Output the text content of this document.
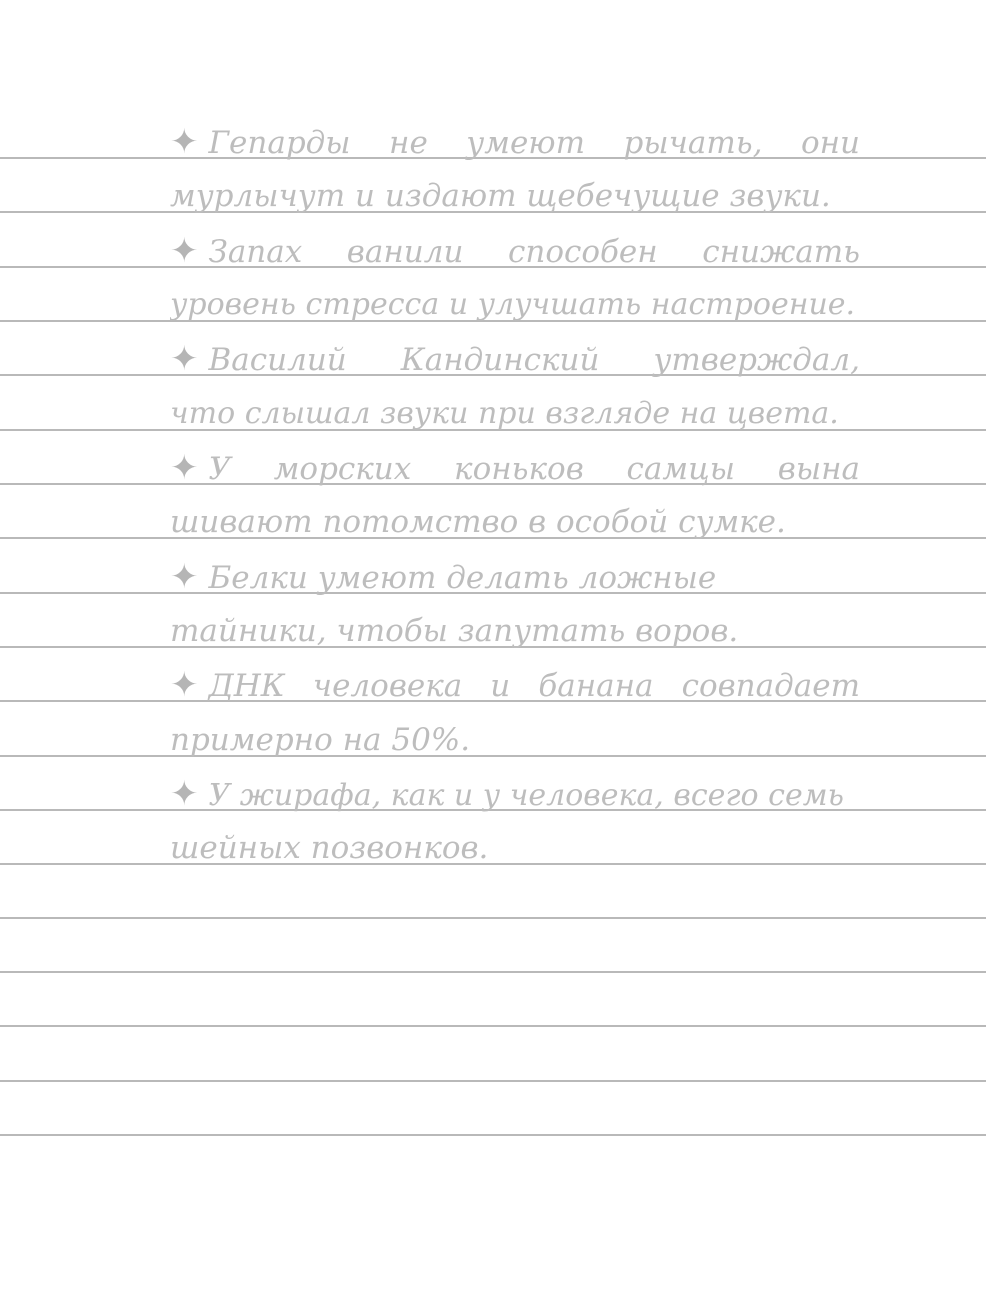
✦ Гепарды не умеют рычать, они
мурлычут и издают щебечущие звуки.
✦ Запах ванили способен снижать
уровень стресса и улучшать настроение.
✦ Василий Кандинский утверждал,
что слышал звуки при взгляде на цвета.
✦ У морских коньков самцы вына
шивают потомство в особой сумке.
✦ Белки умеют делать ложные
тайники, чтобы запутать воров.
✦ ДНК человека и банана совпадает
примерно на 50%.
✦ У жирафа, как и у человека, всего семь
шейных позвонков.
